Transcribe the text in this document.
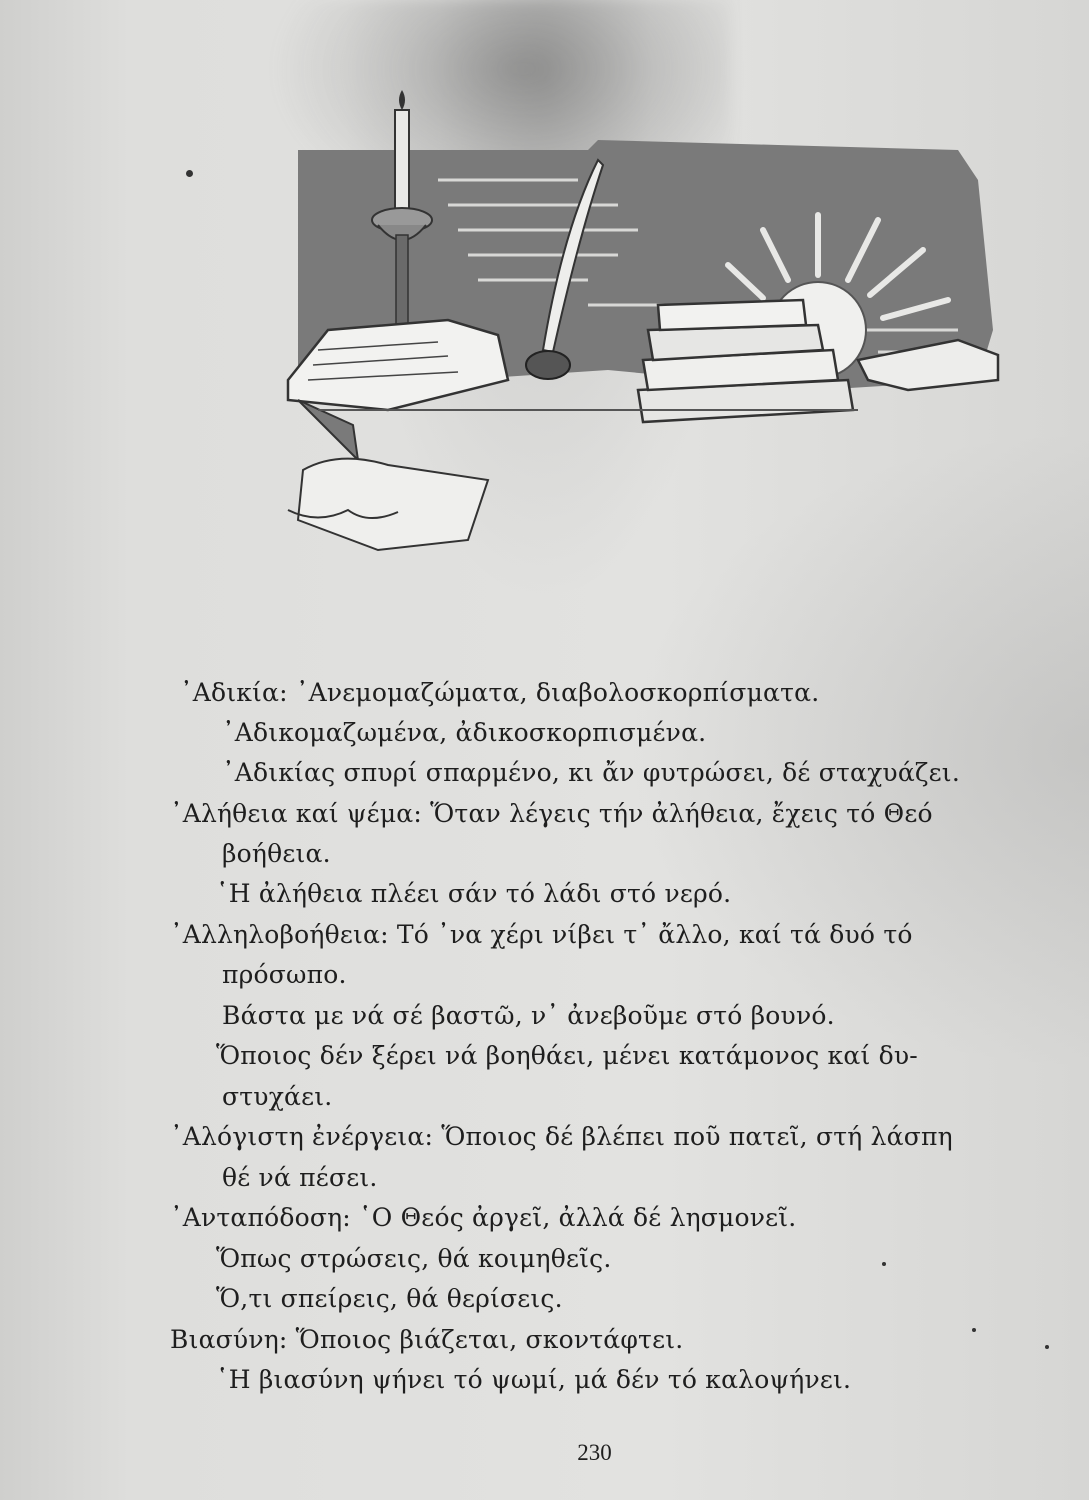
᾿Αδικία: ᾿Ανεμομαζώματα, διαβολοσκορπίσματα.
᾿Αδικομαζωμένα, ἀδικοσκορπισμένα.
᾿Αδικίας σπυρί σπαρμένο, κι ἄν φυτρώσει, δέ σταχυάζει.
᾿Αλήθεια καί ψέμα: Ὅταν λέγεις τήν ἀλήθεια, ἔχεις τό Θεό
βοήθεια.
῾Η ἀλήθεια πλέει σάν τό λάδι στό νερό.
᾿Αλληλοβοήθεια: Τό ᾿να χέρι νίβει τ᾿ ἄλλο, καί τά δυό τό
πρόσωπο.
Βάστα με νά σέ βαστῶ, ν᾿ ἀνεβοῦμε στό βουνό.
Ὅποιος δέν ξέρει νά βοηθάει, μένει κατάμονος καί δυ-
στυχάει.
᾿Αλόγιστη ἐνέργεια: Ὅποιος δέ βλέπει ποῦ πατεῖ, στή λάσπη
θέ νά πέσει.
᾿Ανταπόδοση: ῾Ο Θεός ἀργεῖ, ἀλλά δέ λησμονεῖ.
Ὅπως στρώσεις, θά κοιμηθεῖς.
Ὅ,τι σπείρεις, θά θερίσεις.
Βιασύνη: Ὅποιος βιάζεται, σκοντάφτει.
῾Η βιασύνη ψήνει τό ψωμί, μά δέν τό καλοψήνει.
230
